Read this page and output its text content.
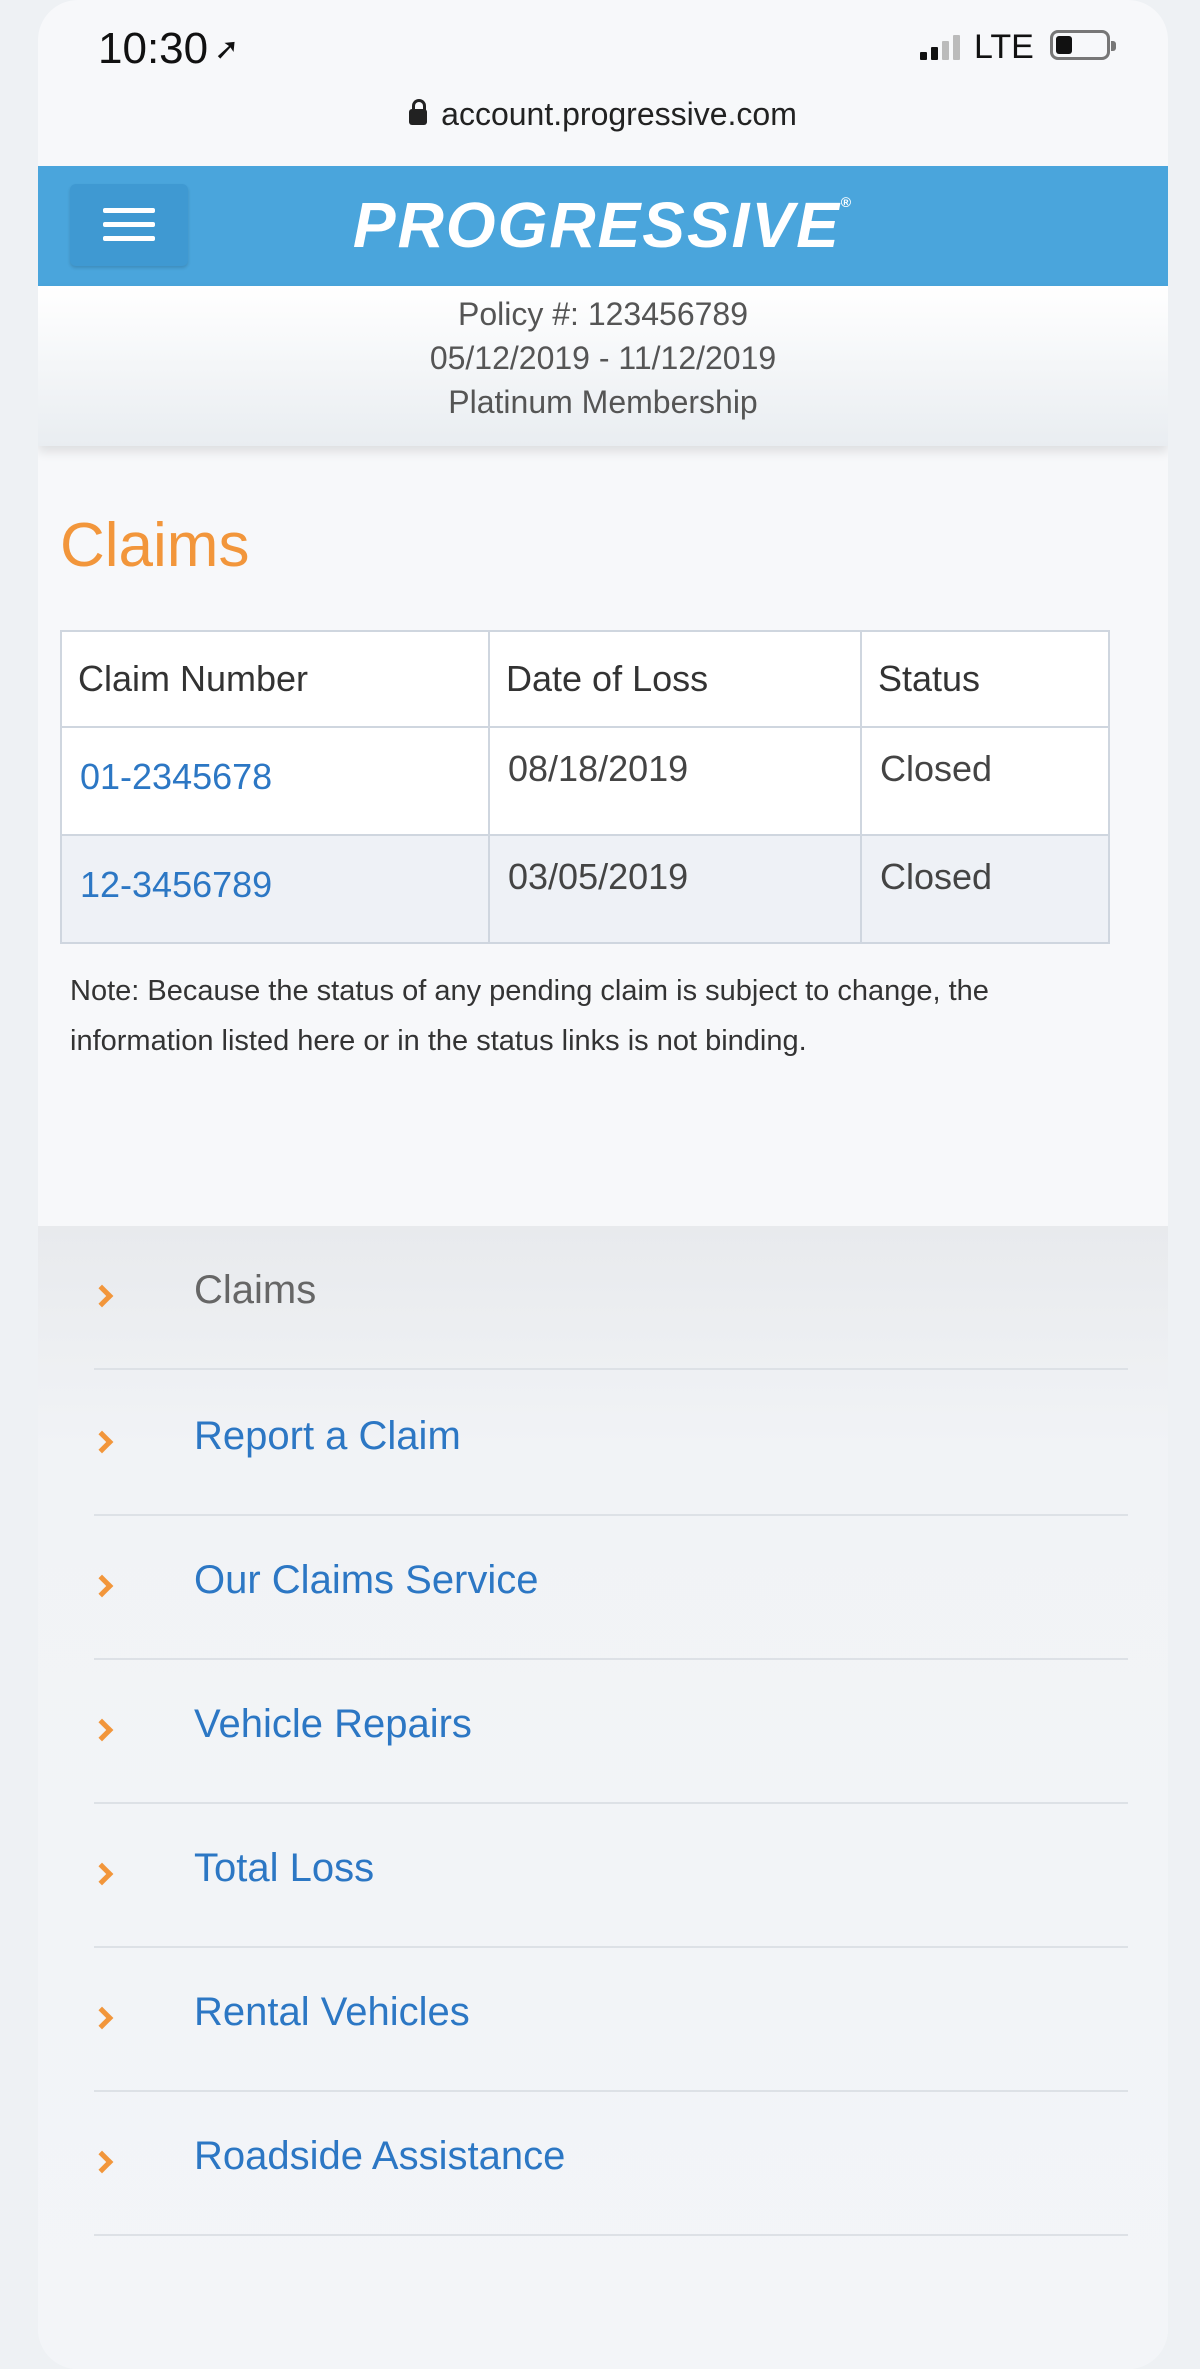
10:30 ➚	LTE
account.progressive.com
PROGRESSIVE®
Policy #: 123456789
05/12/2019 - 11/12/2019
Platinum Membership
Claims
Claim Number	Date of Loss	Status
01-2345678	08/18/2019	Closed
12-3456789	03/05/2019	Closed

Note: Because the status of any pending claim is subject to change, the information listed here or in the status links is not binding.

Claims
Report a Claim
Our Claims Service
Vehicle Repairs
Total Loss
Rental Vehicles
Roadside Assistance
